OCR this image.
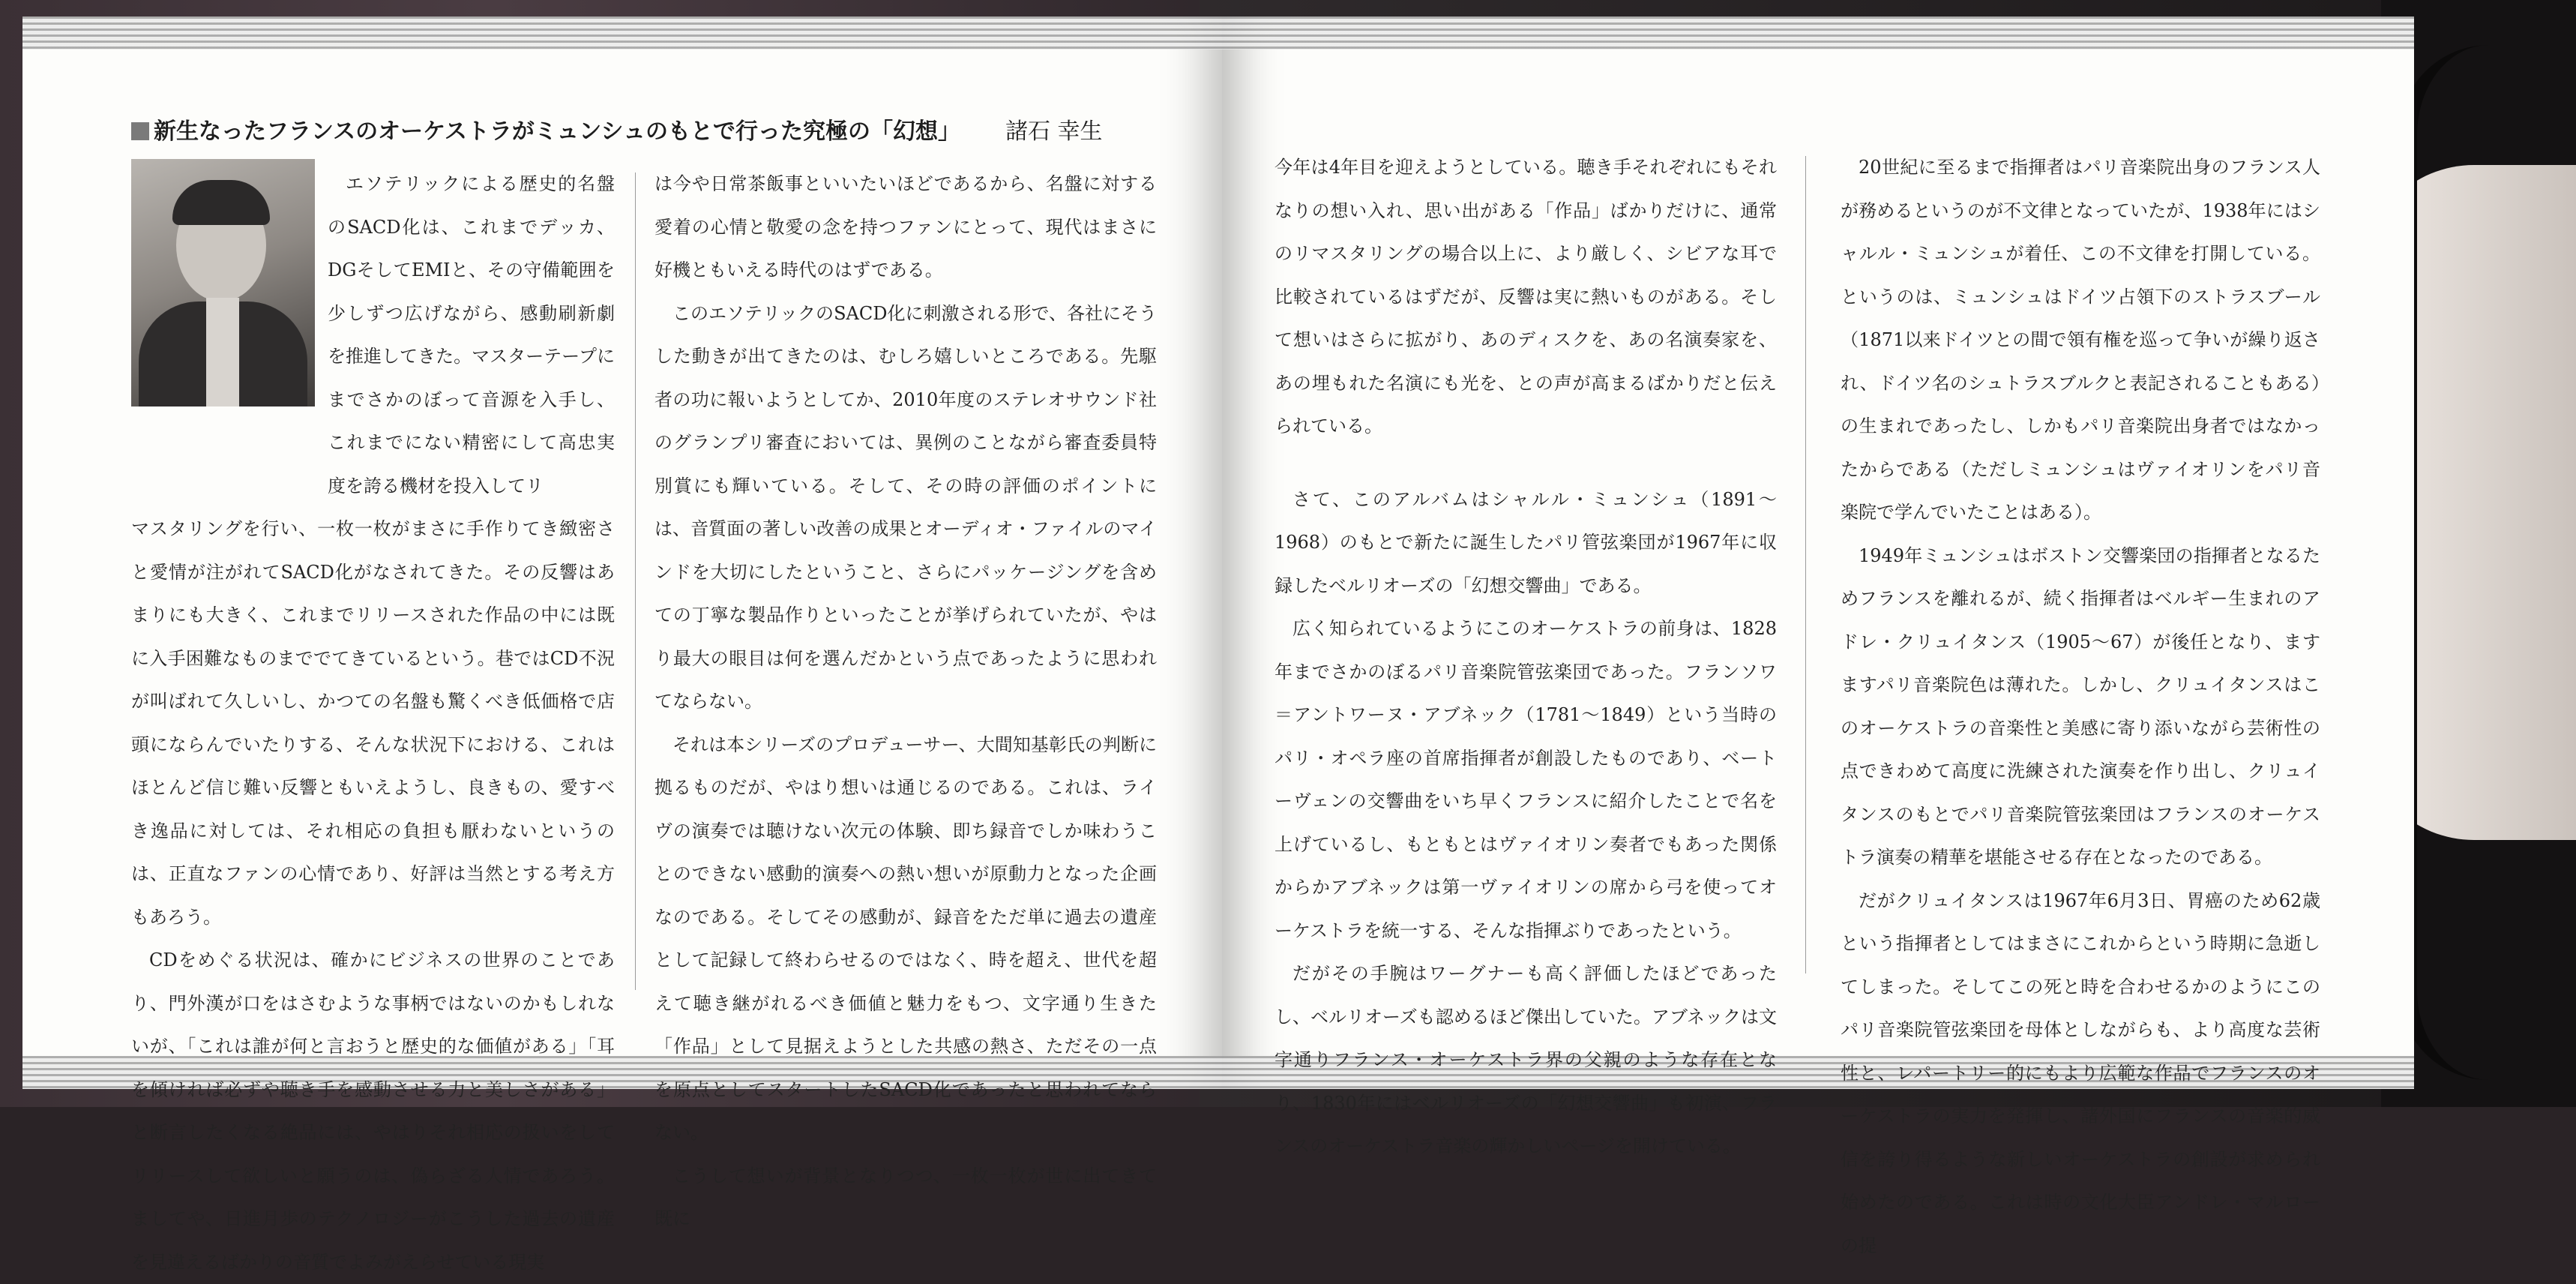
新生なったフランスのオーケストラがミュンシュのもとで行った究極の「幻想」 諸石 幸生

エソテリックによる歴史的名盤のSACD化は、これまでデッカ、DGそしてEMIと、その守備範囲を少しずつ広げながら、感動刷新劇を推進してきた。マスターテープにまでさかのぼって音源を入手し、これまでにない精密にして高忠実度を誇る機材を投入してリ

マスタリングを行い、一枚一枚がまさに手作りてき緻密さと愛情が注がれてSACD化がなされてきた。その反響はあまりにも大きく、これまでリリースされた作品の中には既に入手困難なものまででてきているという。巷ではCD不況が叫ばれて久しいし、かつての名盤も驚くべき低価格で店頭にならんでいたりする、そんな状況下における、これはほとんど信じ難い反響ともいえようし、良きもの、愛すべき逸品に対しては、それ相応の負担も厭わないというのは、正直なファンの心情であり、好評は当然とする考え方もあろう。

CDをめぐる状況は、確かにビジネスの世界のことであり、門外漢が口をはさむような事柄ではないのかもしれないが、「これは誰が何と言おうと歴史的な価値がある」「耳を傾ければ必ずや聴き手を感動させる力と美しさがある」と断言したくなる絶品には、やはりそれ相応の扱いをしてリリースして欲しいと願うのは、偽らざる人情であろう。ましてや、日進月歩のテクノロジーがこうした過去の遺産を見違えるばかりの音質でよみがえらせている現実

は今や日常茶飯事といいたいほどであるから、名盤に対する愛着の心情と敬愛の念を持つファンにとって、現代はまさに好機ともいえる時代のはずである。

このエソテリックのSACD化に刺激される形で、各社にそうした動きが出てきたのは、むしろ嬉しいところである。先駆者の功に報いようとしてか、2010年度のステレオサウンド社のグランプリ審査においては、異例のことながら審査委員特別賞にも輝いている。そして、その時の評価のポイントには、音質面の著しい改善の成果とオーディオ・ファイルのマインドを大切にしたということ、さらにパッケージングを含めての丁寧な製品作りといったことが挙げられていたが、やはり最大の眼目は何を選んだかという点であったように思われてならない。

それは本シリーズのプロデューサー、大間知基彰氏の判断に拠るものだが、やはり想いは通じるのである。これは、ライヴの演奏では聴けない次元の体験、即ち録音でしか味わうことのできない感動的演奏への熱い想いが原動力となった企画なのである。そしてその感動が、録音をただ単に過去の遺産として記録して終わらせるのではなく、時を超え、世代を超えて聴き継がれるべき価値と魅力をもつ、文字通り生きた「作品」として見据えようとした共感の熱さ、ただその一点を原点としてスタートしたSACD化であったと思われてならない。

こうして想いが背景となりつつ、一枚一枚が世に出てきて既に

今年は4年目を迎えようとしている。聴き手それぞれにもそれなりの想い入れ、思い出がある「作品」ばかりだけに、通常のリマスタリングの場合以上に、より厳しく、シビアな耳で比較されているはずだが、反響は実に熱いものがある。そして想いはさらに拡がり、あのディスクを、あの名演奏家を、あの埋もれた名演にも光を、との声が高まるばかりだと伝えられている。

さて、このアルバムはシャルル・ミュンシュ（1891〜1968）のもとで新たに誕生したパリ管弦楽団が1967年に収録したベルリオーズの「幻想交響曲」である。

広く知られているようにこのオーケストラの前身は、1828年までさかのぼるパリ音楽院管弦楽団であった。フランソワ＝アントワーヌ・アブネック（1781〜1849）という当時のパリ・オペラ座の首席指揮者が創設したものであり、ベートーヴェンの交響曲をいち早くフランスに紹介したことで名を上げているし、もともとはヴァイオリン奏者でもあった関係からかアブネックは第一ヴァイオリンの席から弓を使ってオーケストラを統一する、そんな指揮ぶりであったという。

だがその手腕はワーグナーも高く評価したほどであったし、ベルリオーズも認めるほど傑出していた。アブネックは文字通りフランス・オーケストラ界の父親のような存在となり、1830年にはベルリオーズの「幻想交響曲」も初演、フランスのオーケストラ音楽の輝かしいページを開けている。

20世紀に至るまで指揮者はパリ音楽院出身のフランス人が務めるというのが不文律となっていたが、1938年にはシャルル・ミュンシュが着任、この不文律を打開している。というのは、ミュンシュはドイツ占領下のストラスブール（1871以来ドイツとの間で領有権を巡って争いが繰り返され、ドイツ名のシュトラスブルクと表記されることもある）の生まれであったし、しかもパリ音楽院出身者ではなかったからである（ただしミュンシュはヴァイオリンをパリ音楽院で学んでいたことはある）。

1949年ミュンシュはボストン交響楽団の指揮者となるためフランスを離れるが、続く指揮者はベルギー生まれのアドレ・クリュイタンス（1905〜67）が後任となり、ますますパリ音楽院色は薄れた。しかし、クリュイタンスはこのオーケストラの音楽性と美感に寄り添いながら芸術性の点できわめて高度に洗練された演奏を作り出し、クリュイタンスのもとでパリ音楽院管弦楽団はフランスのオーケストラ演奏の精華を堪能させる存在となったのである。

だがクリュイタンスは1967年6月3日、胃癌のため62歳という指揮者としてはまさにこれからという時期に急逝してしまった。そしてこの死と時を合わせるかのようにこのパリ音楽院管弦楽団を母体としながらも、より高度な芸術性と、レパートリー的にもより広範な作品でフランスのオーケストラの実力を発揮し、諸外国にフランスの音楽的威信を誇り得るような新しいオーケストラの創設が求められ始めたのである。これは時の文化大臣アンドレ・マルローの提
